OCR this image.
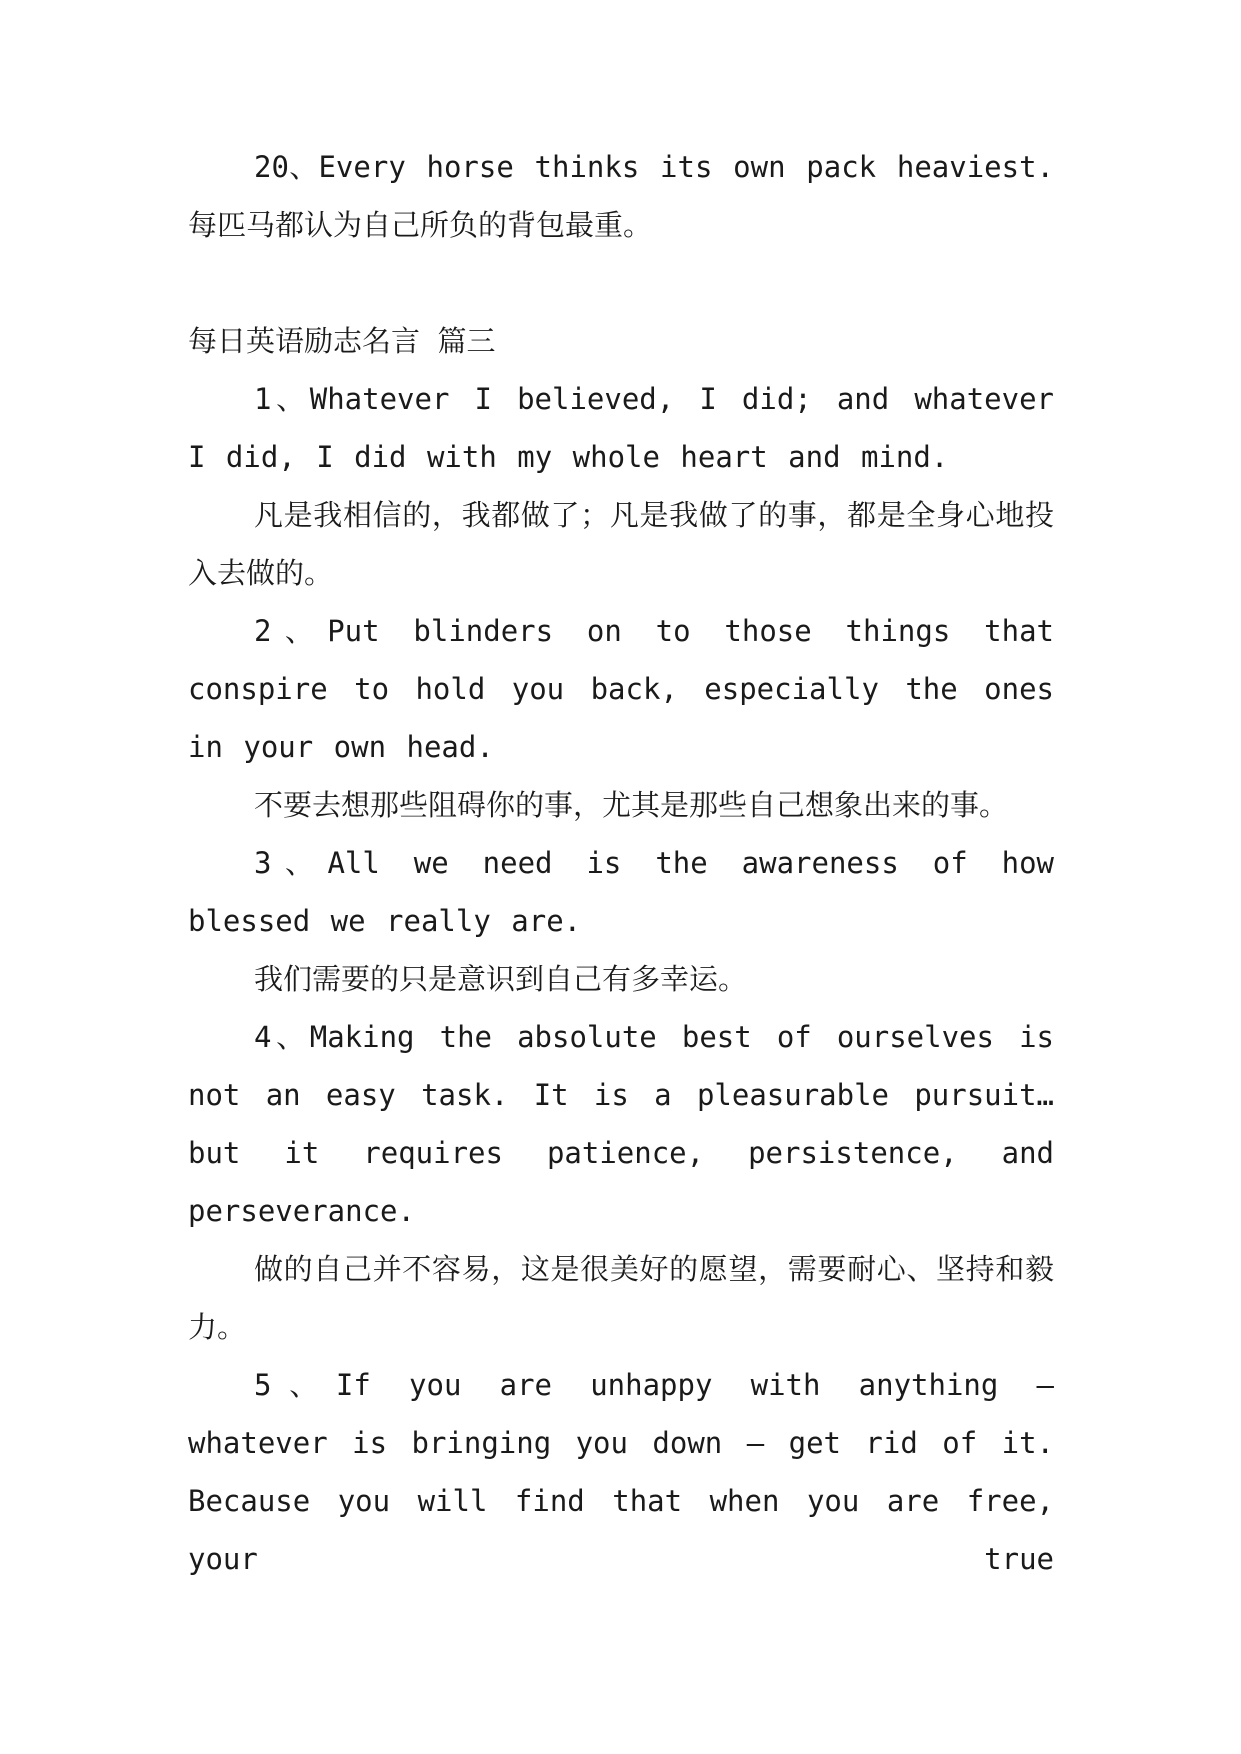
20、Every horse thinks its own pack heaviest.每匹马都认为自己所负的背包最重。

每日英语励志名言 篇三

1、Whatever I believed, I did; and whatever I did, I did with my whole heart and mind.

凡是我相信的，我都做了；凡是我做了的事，都是全身心地投入去做的。

2、Put blinders on to those things that conspire to hold you back, especially the ones in your own head.

不要去想那些阻碍你的事，尤其是那些自己想象出来的事。

3、All we need is the awareness of how blessed we really are.

我们需要的只是意识到自己有多幸运。

4、Making the absolute best of ourselves is not an easy task. It is a pleasurable pursuit…but it requires patience, persistence, and perseverance.

做的自己并不容易，这是很美好的愿望，需要耐心、坚持和毅力。

5、If you are unhappy with anything – whatever is bringing you down – get rid of it. Because you will find that when you are free, your true
